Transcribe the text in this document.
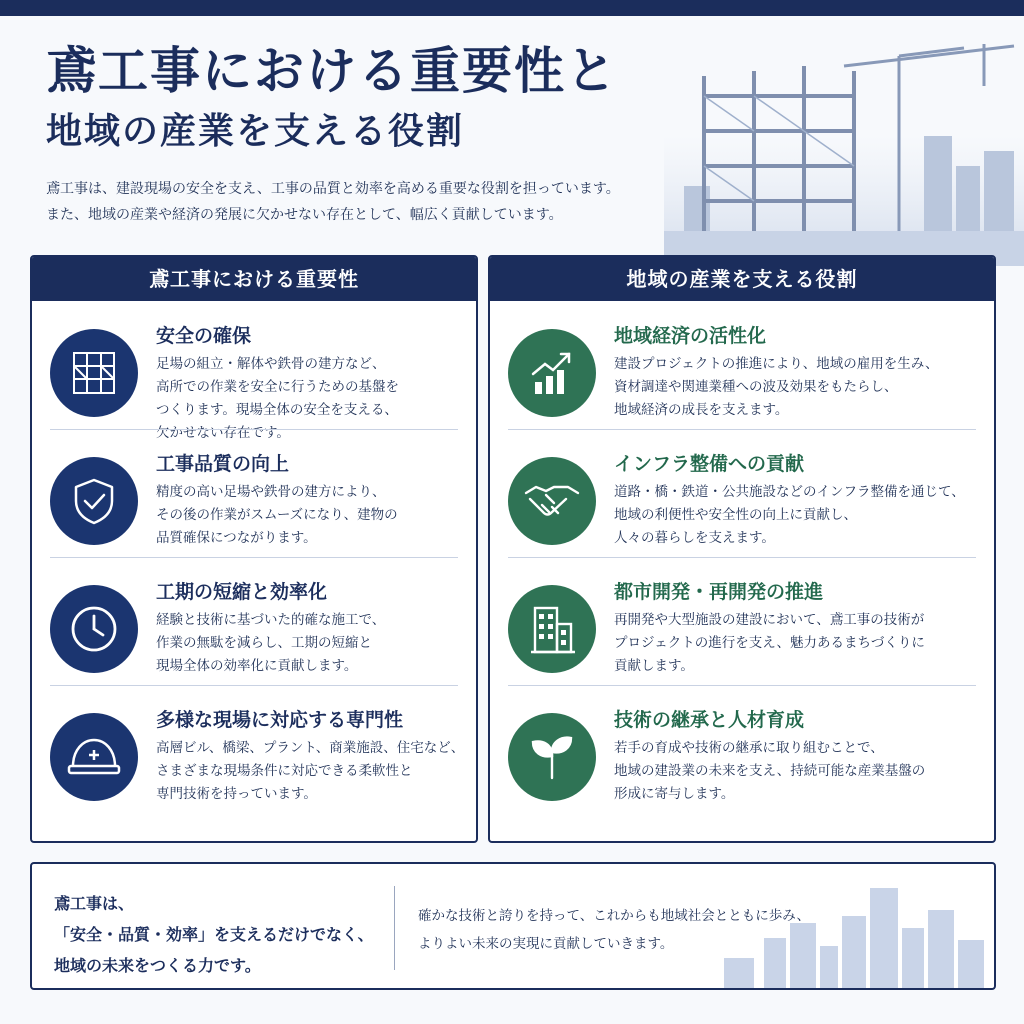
鳶工事における重要性と
地域の産業を支える役割
鳶工事は、建設現場の安全を支え、工事の品質と効率を高める重要な役割を担っています。
また、地域の産業や経済の発展に欠かせない存在として、幅広く貢献しています。
鳶工事における重要性
安全の確保
足場の組立・解体や鉄骨の建方など、
高所での作業を安全に行うための基盤を
つくります。現場全体の安全を支える、
欠かせない存在です。
工事品質の向上
精度の高い足場や鉄骨の建方により、
その後の作業がスムーズになり、建物の
品質確保につながります。
工期の短縮と効率化
経験と技術に基づいた的確な施工で、
作業の無駄を減らし、工期の短縮と
現場全体の効率化に貢献します。
多様な現場に対応する専門性
高層ビル、橋梁、プラント、商業施設、住宅など、
さまざまな現場条件に対応できる柔軟性と
専門技術を持っています。
地域の産業を支える役割
地域経済の活性化
建設プロジェクトの推進により、地域の雇用を生み、
資材調達や関連業種への波及効果をもたらし、
地域経済の成長を支えます。
インフラ整備への貢献
道路・橋・鉄道・公共施設などのインフラ整備を通じて、
地域の利便性や安全性の向上に貢献し、
人々の暮らしを支えます。
都市開発・再開発の推進
再開発や大型施設の建設において、鳶工事の技術が
プロジェクトの進行を支え、魅力あるまちづくりに
貢献します。
技術の継承と人材育成
若手の育成や技術の継承に取り組むことで、
地域の建設業の未来を支え、持続可能な産業基盤の
形成に寄与します。
鳶工事は、
「安全・品質・効率」を支えるだけでなく、
地域の未来をつくる力です。
確かな技術と誇りを持って、これからも地域社会とともに歩み、
よりよい未来の実現に貢献していきます。
